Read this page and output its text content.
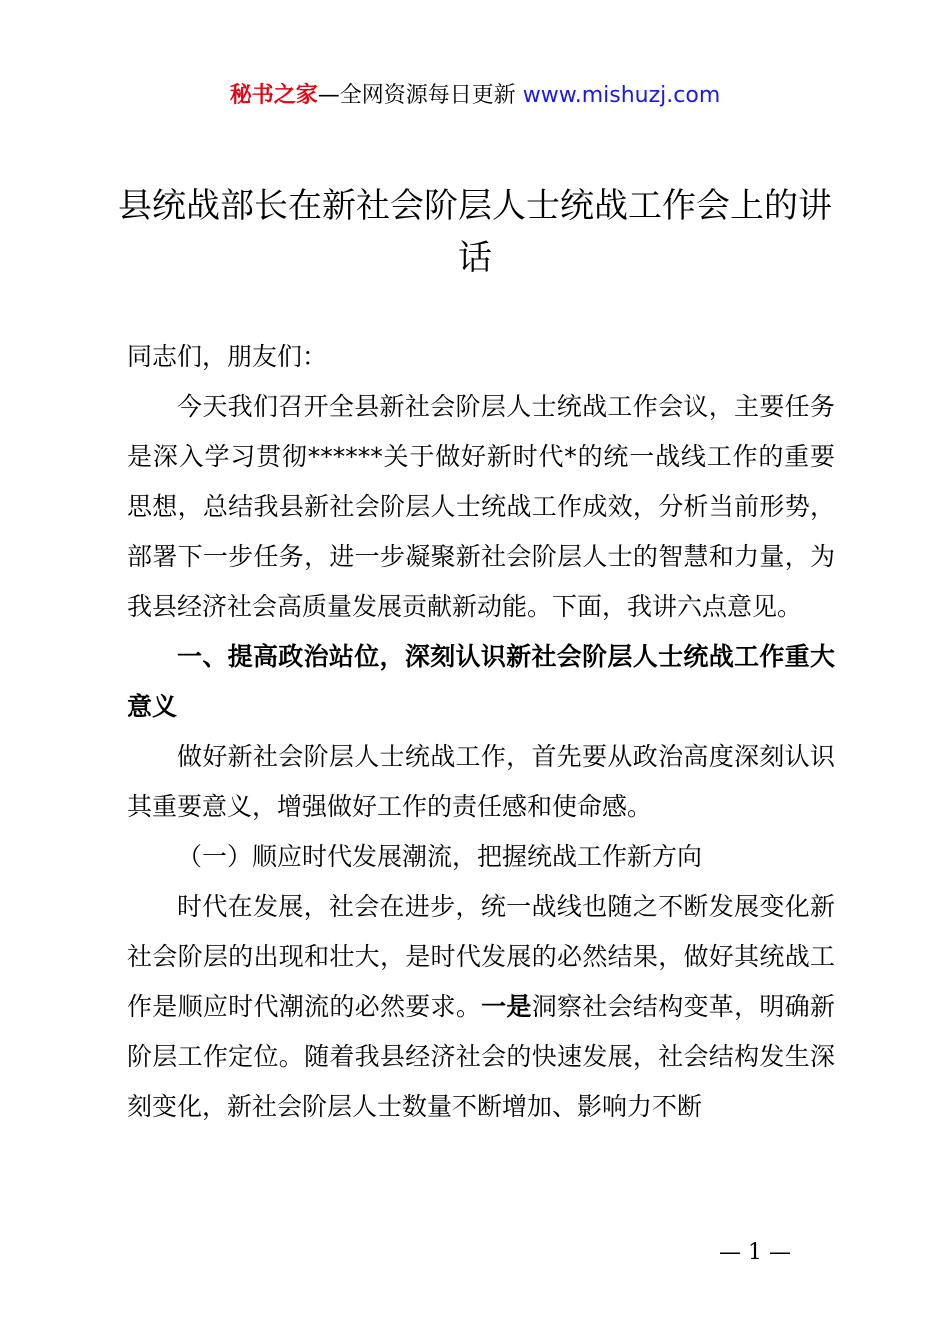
秘书之家—全网资源每日更新 www.mishuzj.com
县统战部长在新社会阶层人士统战工作会上的讲话

同志们，朋友们：

今天我们召开全县新社会阶层人士统战工作会议，主要任务是深入学习贯彻******关于做好新时代*的统一战线工作的重要思想，总结我县新社会阶层人士统战工作成效，分析当前形势，部署下一步任务，进一步凝聚新社会阶层人士的智慧和力量，为我县经济社会高质量发展贡献新动能。下面，我讲六点意见。

一、提高政治站位，深刻认识新社会阶层人士统战工作重大意义

做好新社会阶层人士统战工作，首先要从政治高度深刻认识其重要意义，增强做好工作的责任感和使命感。

（一）顺应时代发展潮流，把握统战工作新方向

时代在发展，社会在进步，统一战线也随之不断发展变化新社会阶层的出现和壮大，是时代发展的必然结果，做好其统战工作是顺应时代潮流的必然要求。一是洞察社会结构变革，明确新阶层工作定位。随着我县经济社会的快速发展，社会结构发生深刻变化，新社会阶层人士数量不断增加、影响力不断

— 1 —
